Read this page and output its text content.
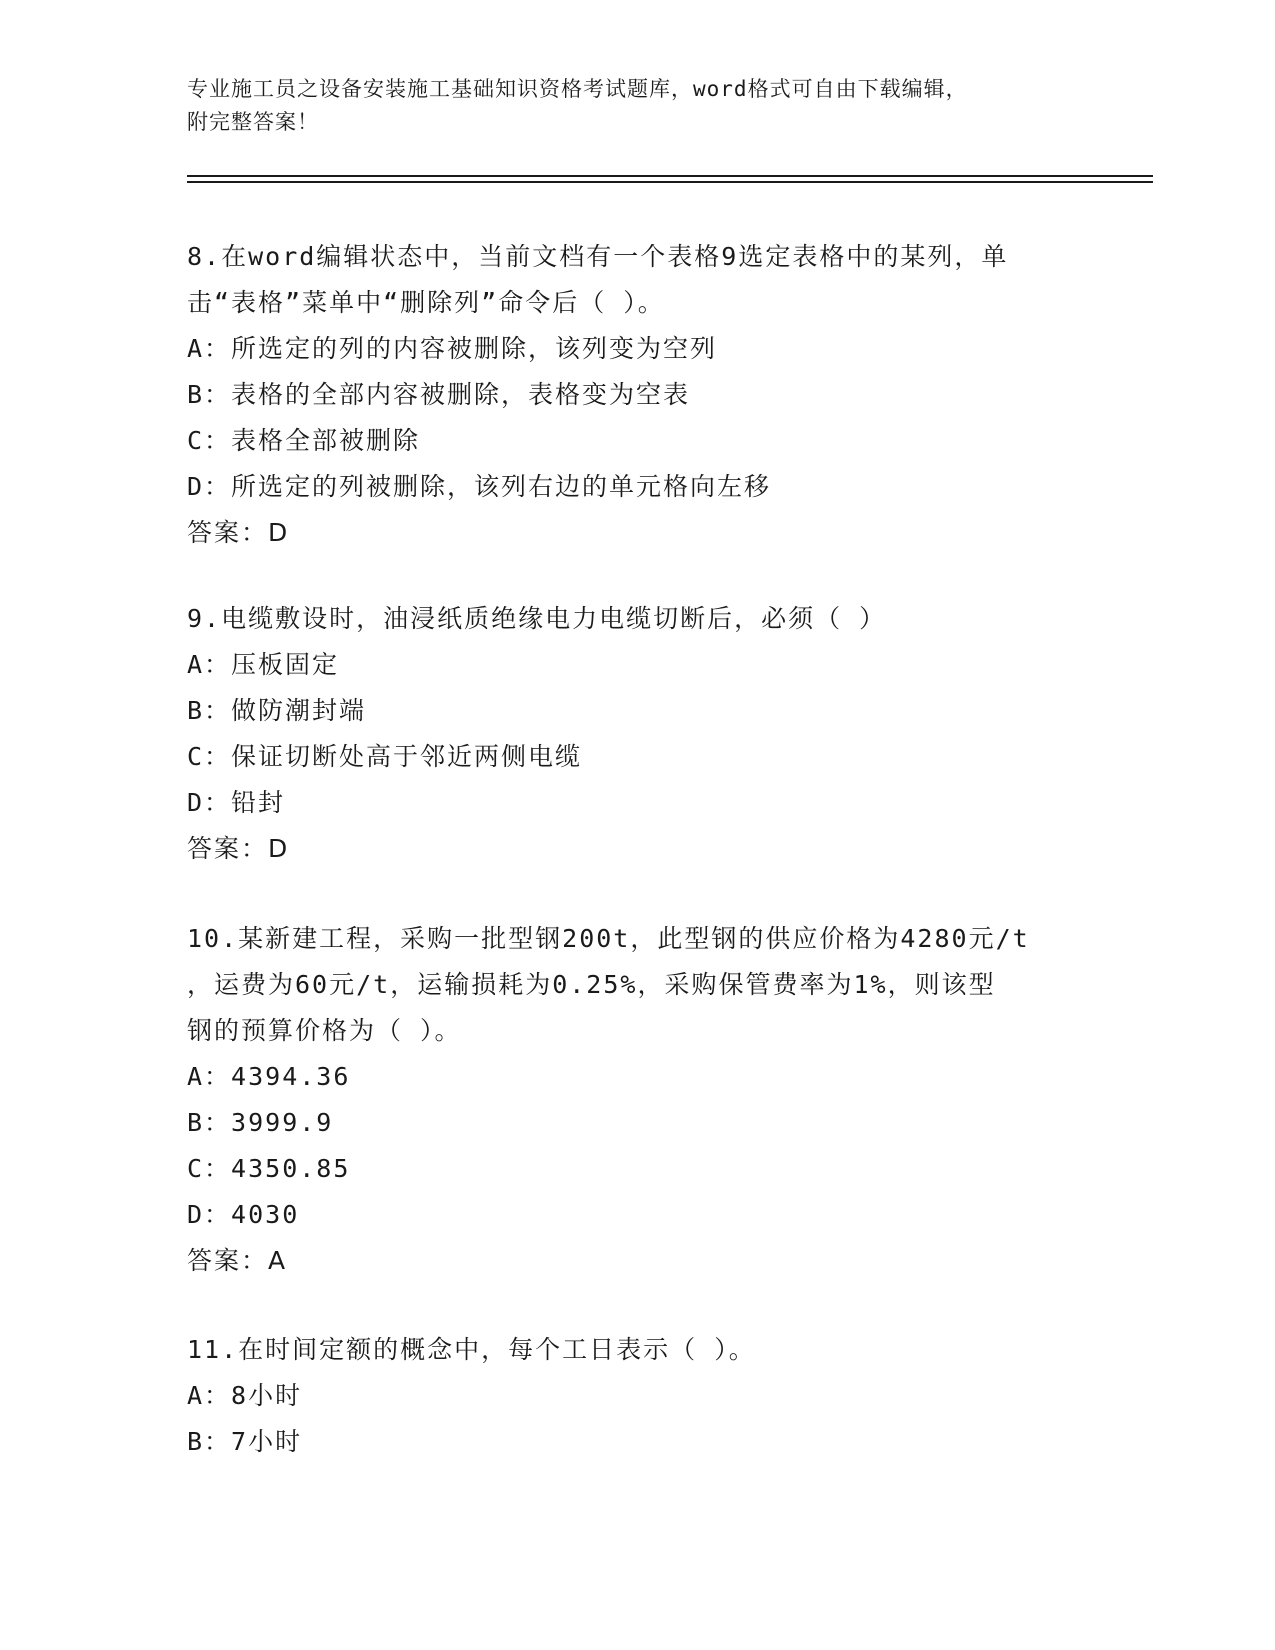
专业施工员之设备安装施工基础知识资格考试题库，word格式可自由下载编辑，
附完整答案！

8.在word编辑状态中，当前文档有一个表格9选定表格中的某列，单

击“表格”菜单中“删除列”命令后（ ）。

A：所选定的列的内容被删除，该列变为空列

B：表格的全部内容被删除，表格变为空表

C：表格全部被删除

D：所选定的列被删除，该列右边的单元格向左移

答案：D

9.电缆敷设时，油浸纸质绝缘电力电缆切断后，必须（ ）

A：压板固定

B：做防潮封端

C：保证切断处高于邻近两侧电缆

D：铅封

答案：D

10.某新建工程，采购一批型钢200t，此型钢的供应价格为4280元/t

，运费为60元/t，运输损耗为0.25%，采购保管费率为1%，则该型

钢的预算价格为（ ）。

A：4394.36

B：3999.9

C：4350.85

D：4030

答案：A

11.在时间定额的概念中，每个工日表示（ ）。

A：8小时

B：7小时
